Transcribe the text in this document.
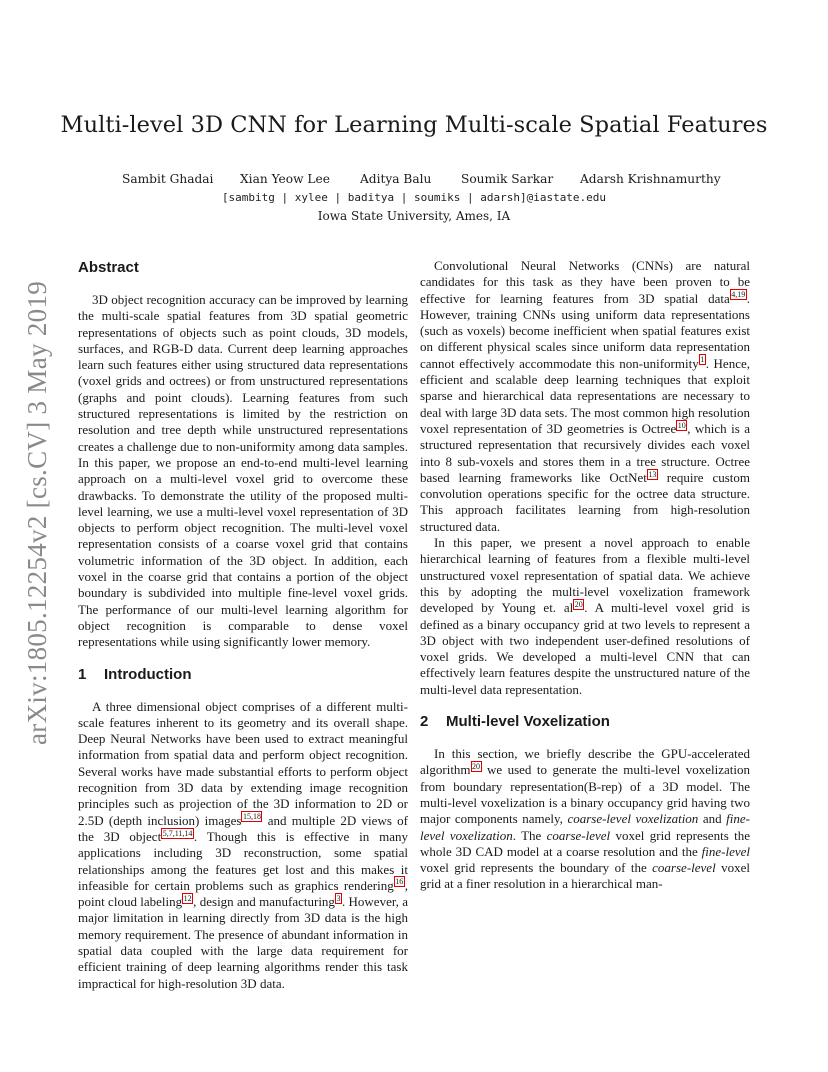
Multi-level 3D CNN for Learning Multi-scale Spatial Features
Sambit Ghadai Xian Yeow Lee Aditya Balu Soumik Sarkar Adarsh Krishnamurthy
[sambitg | xylee | baditya | soumiks | adarsh]@iastate.edu
Iowa State University, Ames, IA
arXiv:1805.12254v2 [cs.CV] 3 May 2019
Abstract

3D object recognition accuracy can be improved by learning the multi-scale spatial features from 3D spatial geometric representations of objects such as point clouds, 3D models, surfaces, and RGB-D data. Current deep learning approaches learn such features either using structured data representations (voxel grids and octrees) or from unstructured representations (graphs and point clouds). Learning features from such structured representations is limited by the restriction on resolution and tree depth while unstructured representations creates a challenge due to non-uniformity among data samples. In this paper, we propose an end-to-end multi-level learning approach on a multi-level voxel grid to overcome these drawbacks. To demonstrate the utility of the proposed multi-level learning, we use a multi-level voxel representation of 3D objects to perform object recognition. The multi-level voxel representation consists of a coarse voxel grid that contains volumetric information of the 3D object. In addition, each voxel in the coarse grid that contains a portion of the object boundary is subdivided into multiple fine-level voxel grids. The performance of our multi-level learning algorithm for object recognition is comparable to dense voxel representations while using significantly lower memory.

1 Introduction

A three dimensional object comprises of a different multi-scale features inherent to its geometry and its overall shape. Deep Neural Networks have been used to extract meaningful information from spatial data and perform object recognition. Several works have made substantial efforts to perform object recognition from 3D data by extending image recognition principles such as projection of the 3D information to 2D or 2.5D (depth inclusion) images $^{15,18}$ and multiple 2D views of the 3D object $^{5,7,11,14}$ . Though this is effective in many applications including 3D reconstruction, some spatial relationships among the features get lost and this makes it infeasible for certain problems such as graphics rendering $^{16}$ , point cloud labeling $^{12}$ , design and manufacturing $^3$ . However, a major limitation in learning directly from 3D data is the high memory requirement. The presence of abundant information in spatial data coupled with the large data requirement for efficient training of deep learning algorithms render this task impractical for high-resolution 3D data.

Convolutional Neural Networks (CNNs) are natural candidates for this task as they have been proven to be effective for learning features from 3D spatial data $^{4,19}$ . However, training CNNs using uniform data representations (such as voxels) become inefficient when spatial features exist on different physical scales since uniform data representation cannot effectively accommodate this non-uniformity $^1$ . Hence, efficient and scalable deep learning techniques that exploit sparse and hierarchical data representations are necessary to deal with large 3D data sets. The most common high resolution voxel representation of 3D geometries is Octree $^{10}$ , which is a structured representation that recursively divides each voxel into 8 sub-voxels and stores them in a tree structure. Octree based learning frameworks like OctNet $^{13}$ require custom convolution operations specific for the octree data structure. This approach facilitates learning from high-resolution structured data.

In this paper, we present a novel approach to enable hierarchical learning of features from a flexible multi-level unstructured voxel representation of spatial data. We achieve this by adopting the multi-level voxelization framework developed by Young et. al $^{20}$ . A multi-level voxel grid is defined as a binary occupancy grid at two levels to represent a 3D object with two independent user-defined resolutions of voxel grids. We developed a multi-level CNN that can effectively learn features despite the unstructured nature of the multi-level data representation.

2 Multi-level Voxelization

In this section, we briefly describe the GPU-accelerated algorithm $^{20}$ we used to generate the multi-level voxelization from boundary representation(B-rep) of a 3D model. The multi-level voxelization is a binary occupancy grid having two major components namely, coarse-level voxelization and fine-level voxelization. The coarse-level voxel grid represents the whole 3D CAD model at a coarse resolution and the fine-level voxel grid represents the boundary of the coarse-level voxel grid at a finer resolution in a hierarchical man-
